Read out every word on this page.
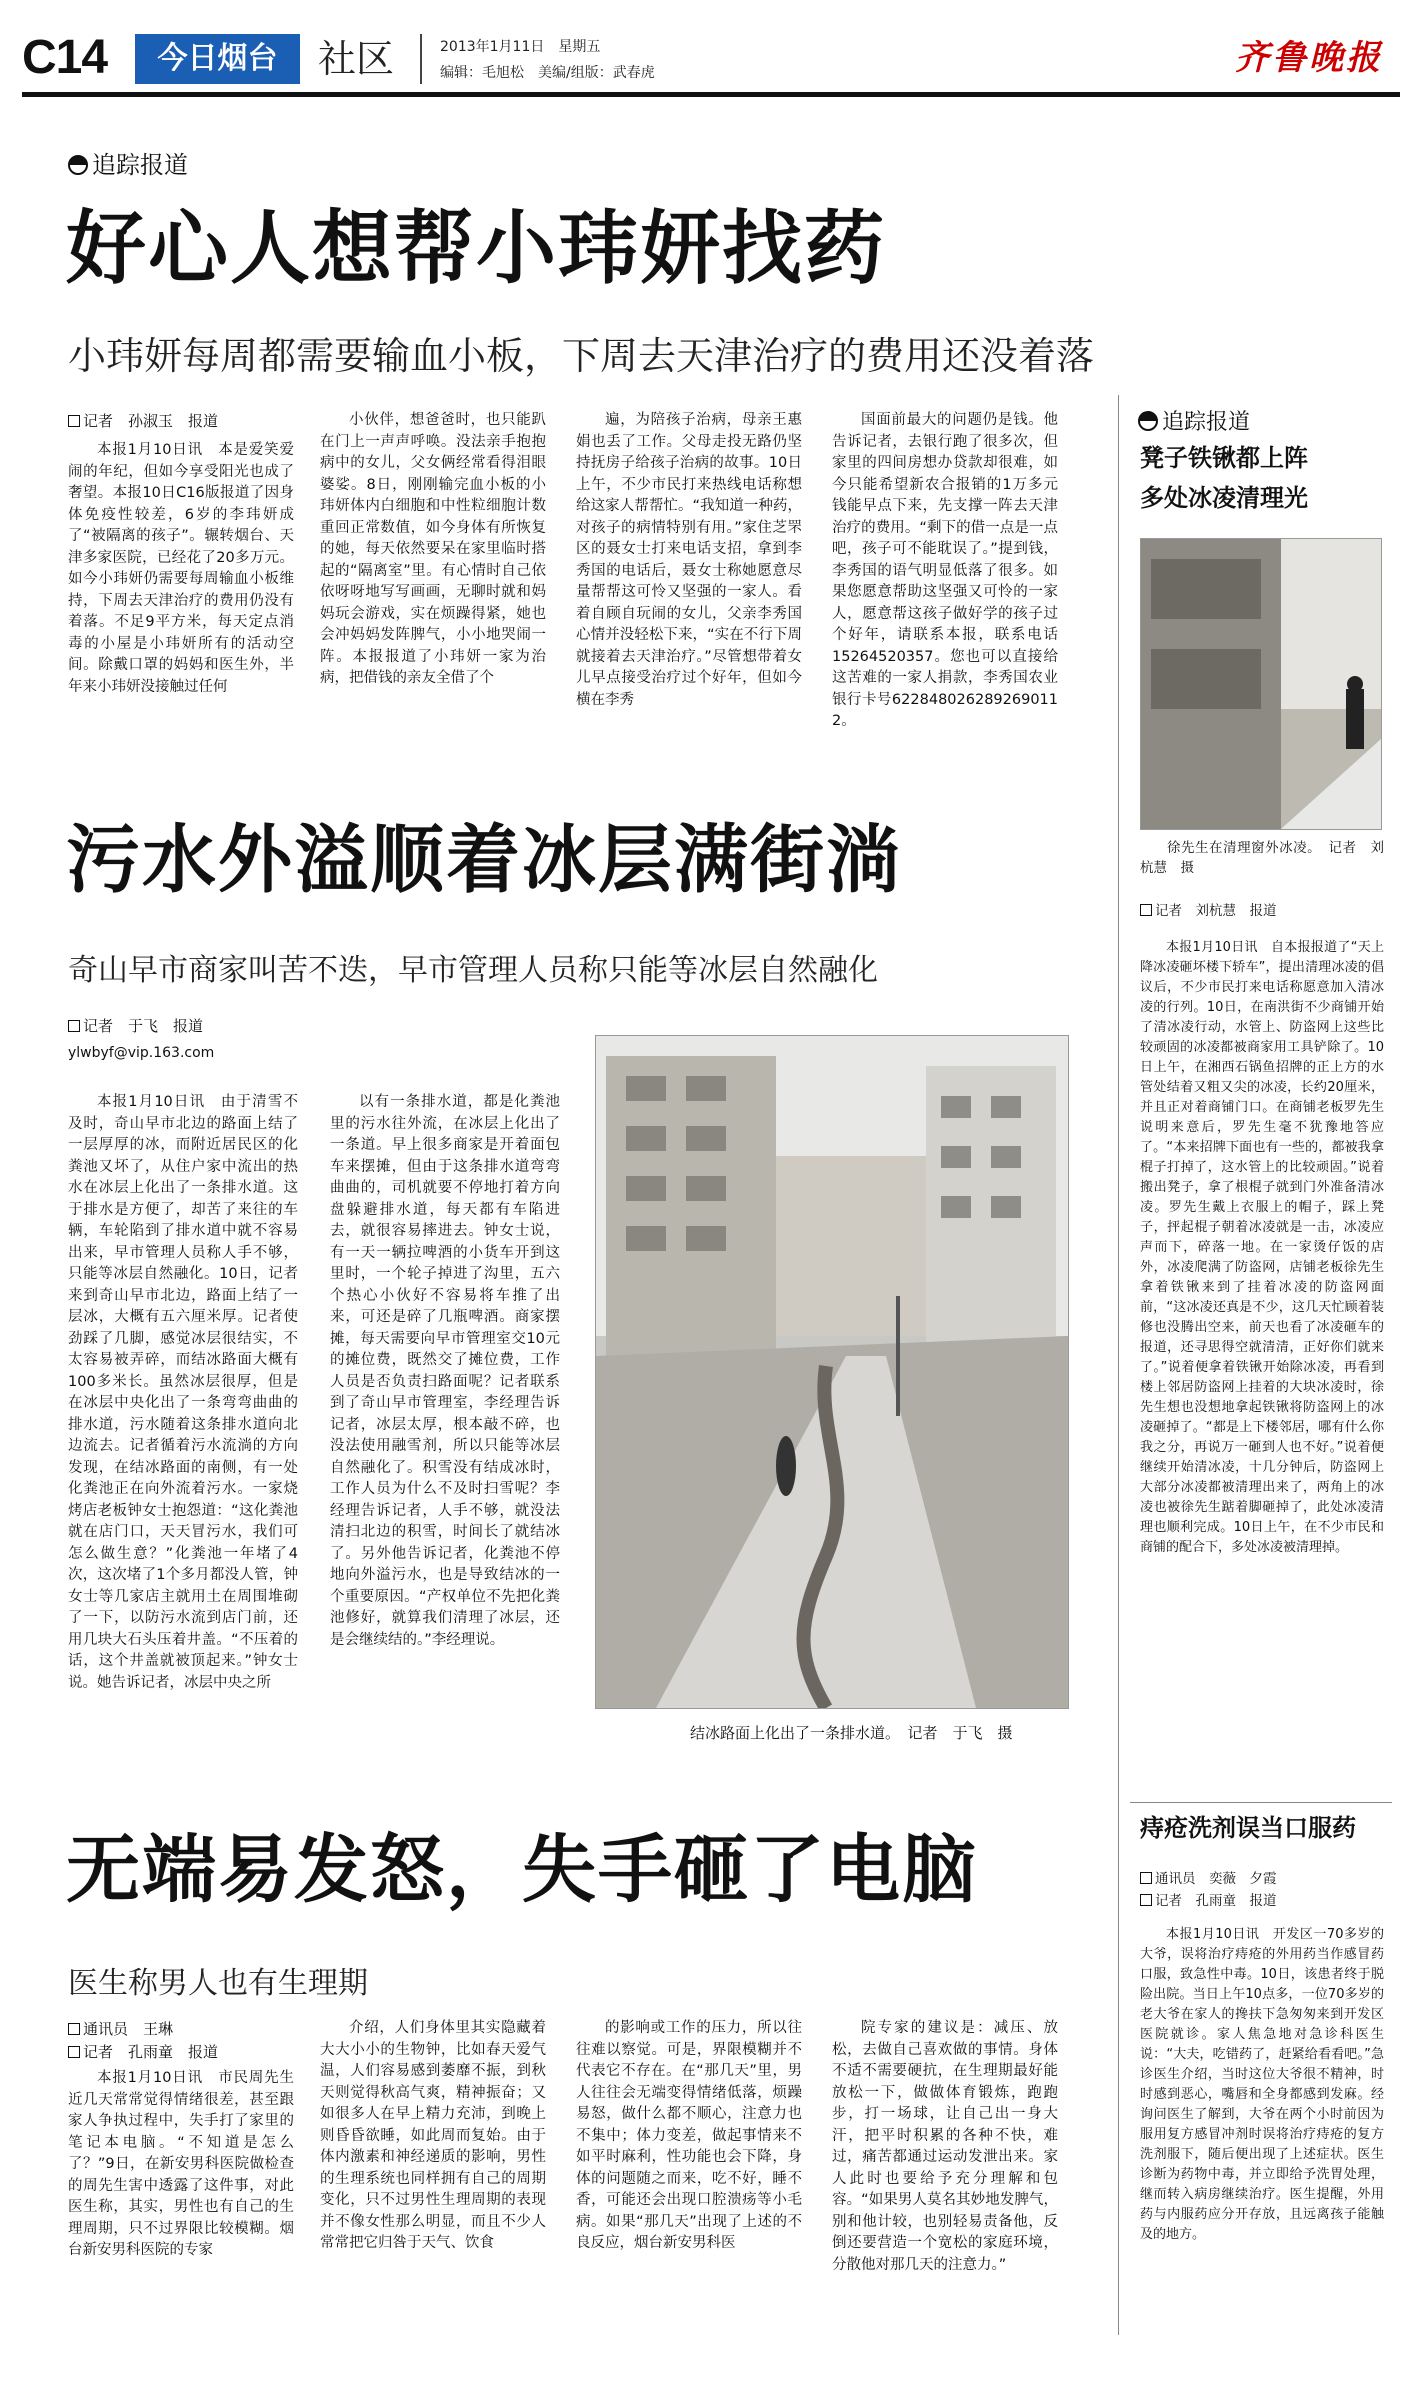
C14	今日烟台	社区	2013年1月11日　星期五
编辑：毛旭松　美编/组版：武春虎	齐鲁晚报
追踪报道
好心人想帮小玮妍找药
小玮妍每周都需要输血小板，下周去天津治疗的费用还没着落
记者　孙淑玉　报道

本报1月10日讯　本是爱笑爱闹的年纪，但如今享受阳光也成了奢望。本报10日C16版报道了因身体免疫性较差，6岁的李玮妍成了“被隔离的孩子”。辗转烟台、天津多家医院，已经花了20多万元。如今小玮妍仍需要每周输血小板维持，下周去天津治疗的费用仍没有着落。不足9平方米，每天定点消毒的小屋是小玮妍所有的活动空间。除戴口罩的妈妈和医生外，半年来小玮妍没接触过任何

小伙伴，想爸爸时，也只能趴在门上一声声呼唤。没法亲手抱抱病中的女儿，父女俩经常看得泪眼婆娑。8日，刚刚输完血小板的小玮妍体内白细胞和中性粒细胞计数重回正常数值，如今身体有所恢复的她，每天依然要呆在家里临时搭起的“隔离室”里。有心情时自己依依呀呀地写写画画，无聊时就和妈妈玩会游戏，实在烦躁得紧，她也会冲妈妈发阵脾气，小小地哭闹一阵。本报报道了小玮妍一家为治病，把借钱的亲友全借了个

遍，为陪孩子治病，母亲王惠娟也丢了工作。父母走投无路仍坚持抚房子给孩子治病的故事。10日上午，不少市民打来热线电话称想给这家人帮帮忙。“我知道一种药，对孩子的病情特别有用。”家住芝罘区的聂女士打来电话支招，拿到李秀国的电话后，聂女士称她愿意尽量帮帮这可怜又坚强的一家人。看着自顾自玩闹的女儿，父亲李秀国心情并没轻松下来，“实在不行下周就接着去天津治疗。”尽管想带着女儿早点接受治疗过个好年，但如今横在李秀

国面前最大的问题仍是钱。他告诉记者，去银行跑了很多次，但家里的四间房想办贷款却很难，如今只能希望新农合报销的1万多元钱能早点下来，先支撑一阵去天津治疗的费用。“剩下的借一点是一点吧，孩子可不能耽误了。”提到钱，李秀国的语气明显低落了很多。如果您愿意帮助这坚强又可怜的一家人，愿意帮这孩子做好学的孩子过个好年，请联系本报，联系电话15264520357。您也可以直接给这苦难的一家人捐款，李秀国农业银行卡号622848026289269011​2。

污水外溢顺着冰层满街淌
奇山早市商家叫苦不迭，早市管理人员称只能等冰层自然融化
记者　于飞　报道
ylwbyf@vip.163.com

本报1月10日讯　由于清雪不及时，奇山早市北边的路面上结了一层厚厚的冰，而附近居民区的化粪池又坏了，从住户家中流出的热水在冰层上化出了一条排水道。这于排水是方便了，却苦了来往的车辆，车轮陷到了排水道中就不容易出来，早市管理人员称人手不够，只能等冰层自然融化。10日，记者来到奇山早市北边，路面上结了一层冰，大概有五六厘米厚。记者使劲踩了几脚，感觉冰层很结实，不太容易被弄碎，而结冰路面大概有100多米长。虽然冰层很厚，但是在冰层中央化出了一条弯弯曲曲的排水道，污水随着这条排水道向北边流去。记者循着污水流淌的方向发现，在结冰路面的南侧，有一处化粪池正在向外流着污水。一家烧烤店老板钟女士抱怨道：“这化粪池就在店门口，天天冒污水，我们可怎么做生意？”化粪池一年堵了4次，这次堵了1个多月都没人管，钟女士等几家店主就用土在周围堆砌了一下，以防污水流到店门前，还用几块大石头压着井盖。“不压着的话，这个井盖就被顶起来。”钟女士说。她告诉记者，冰层中央之所

以有一条排水道，都是化粪池里的污水往外流，在冰层上化出了一条道。早上很多商家是开着面包车来摆摊，但由于这条排水道弯弯曲曲的，司机就要不停地打着方向盘躲避排水道，每天都有车陷进去，就很容易摔进去。钟女士说，有一天一辆拉啤酒的小货车开到这里时，一个轮子掉进了沟里，五六个热心小伙好不容易将车推了出来，可还是碎了几瓶啤酒。商家摆摊，每天需要向早市管理室交10元的摊位费，既然交了摊位费，工作人员是否负责扫路面呢？记者联系到了奇山早市管理室，李经理告诉记者，冰层太厚，根本敲不碎，也没法使用融雪剂，所以只能等冰层自然融化了。积雪没有结成冰时，工作人员为什么不及时扫雪呢？李经理告诉记者，人手不够，就没法清扫北边的积雪，时间长了就结冰了。另外他告诉记者，化粪池不停地向外溢污水，也是导致结冰的一个重要原因。“产权单位不先把化粪池修好，就算我们清理了冰层，还是会继续结的。”李经理说。

结冰路面上化出了一条排水道。　记者　于飞　摄
无端易发怒，失手砸了电脑
医生称男人也有生理期
通讯员　王琳
记者　孔雨童　报道

本报1月10日讯　市民周先生近几天常常觉得情绪很差，甚至跟家人争执过程中，失手打了家里的笔记本电脑。“不知道是怎么了？”9日，在新安男科医院做检查的周先生害中透露了这件事，对此医生称，其实，男性也有自己的生理周期，只不过界限比较模糊。烟台新安男科医院的专家

介绍，人们身体里其实隐藏着大大小小的生物钟，比如春天爱气温，人们容易感到萎靡不振，到秋天则觉得秋高气爽，精神振奋；又如很多人在早上精力充沛，到晚上则昏昏欲睡，如此周而复始。由于体内激素和神经递质的影响，男性的生理系统也同样拥有自己的周期变化，只不过男性生理周期的表现并不像女性那么明显，而且不少人常常把它归咎于天气、饮食

的影响或工作的压力，所以往往难以察觉。可是，界限模糊并不代表它不存在。在“那几天”里，男人往往会无端变得情绪低落，烦躁易怒，做什么都不顺心，注意力也不集中；体力变差，做起事情来不如平时麻利，性功能也会下降，身体的问题随之而来，吃不好，睡不香，可能还会出现口腔溃疡等小毛病。如果“那几天”出现了上述的不良反应，烟台新安男科医

院专家的建议是：减压、放松，去做自己喜欢做的事情。身体不适不需要硬抗，在生理期最好能放松一下，做做体育锻炼，跑跑步，打一场球，让自己出一身大汗，把平时积累的各种不快，难过，痛苦都通过运动发泄出来。家人此时也要给予充分理解和包容。“如果男人莫名其妙地发脾气，别和他计较，也别轻易责备他，反倒还要营造一个宽松的家庭环境，分散他对那几天的注意力。”

追踪报道
凳子铁锹都上阵
多处冰凌清理光
徐先生在清理窗外冰凌。　记者　刘杭慧　摄
记者　刘杭慧　报道

本报1月10日讯　自本报报道了“天上降冰凌砸坏楼下轿车”，提出清理冰凌的倡议后，不少市民打来电话称愿意加入清冰凌的行列。10日，在南洪街不少商铺开始了清冰凌行动，水管上、防盗网上这些比较顽固的冰凌都被商家用工具铲除了。10日上午，在湘西石锅鱼招牌的正上方的水管处结着又粗又尖的冰凌，长约20厘米，并且正对着商铺门口。在商铺老板罗先生说明来意后，罗先生毫不犹豫地答应了。“本来招牌下面也有一些的，都被我拿棍子打掉了，这水管上的比较顽固。”说着搬出凳子，拿了根棍子就到门外准备清冰凌。罗先生戴上衣服上的帽子，踩上凳子，抨起棍子朝着冰凌就是一击，冰凌应声而下，碎落一地。在一家烫仔饭的店外，冰凌爬满了防盗网，店铺老板徐先生拿着铁锹来到了挂着冰凌的防盗网面前，“这冰凌还真是不少，这几天忙顾着装修也没腾出空来，前天也看了冰凌砸车的报道，还寻思得空就清清，正好你们就来了。”说着便拿着铁锹开始除冰凌，再看到楼上邻居防盗网上挂着的大块冰凌时，徐先生想也没想地拿起铁锹将防盗网上的冰凌砸掉了。“都是上下楼邻居，哪有什么你我之分，再说万一砸到人也不好。”说着便继续开始清冰凌，十几分钟后，防盗网上大部分冰凌都被清理出来了，两角上的冰凌也被徐先生踮着脚砸掉了，此处冰凌清理也顺利完成。10日上午，在不少市民和商铺的配合下，多处冰凌被清理掉。

痔疮洗剂误当口服药
通讯员　奕薇　夕霞
记者　孔雨童　报道

本报1月10日讯　开发区一70多岁的大爷，误将治疗痔疮的外用药当作感冒药口服，致急性中毒。10日，该患者终于脱险出院。当日上午10点多，一位70多岁的老大爷在家人的搀扶下急匆匆来到开发区医院就诊。家人焦急地对急诊科医生说：“大夫，吃错药了，赶紧给看看吧。”急诊医生介绍，当时这位大爷很不精神，时时感到恶心，嘴唇和全身都感到发麻。经询问医生了解到，大爷在两个小时前因为服用复方感冒冲剂时误将治疗痔疮的复方洗剂服下，随后便出现了上述症状。医生诊断为药物中毒，并立即给予洗胃处理，继而转入病房继续治疗。医生提醒，外用药与内服药应分开存放，且远离孩子能触及的地方。
